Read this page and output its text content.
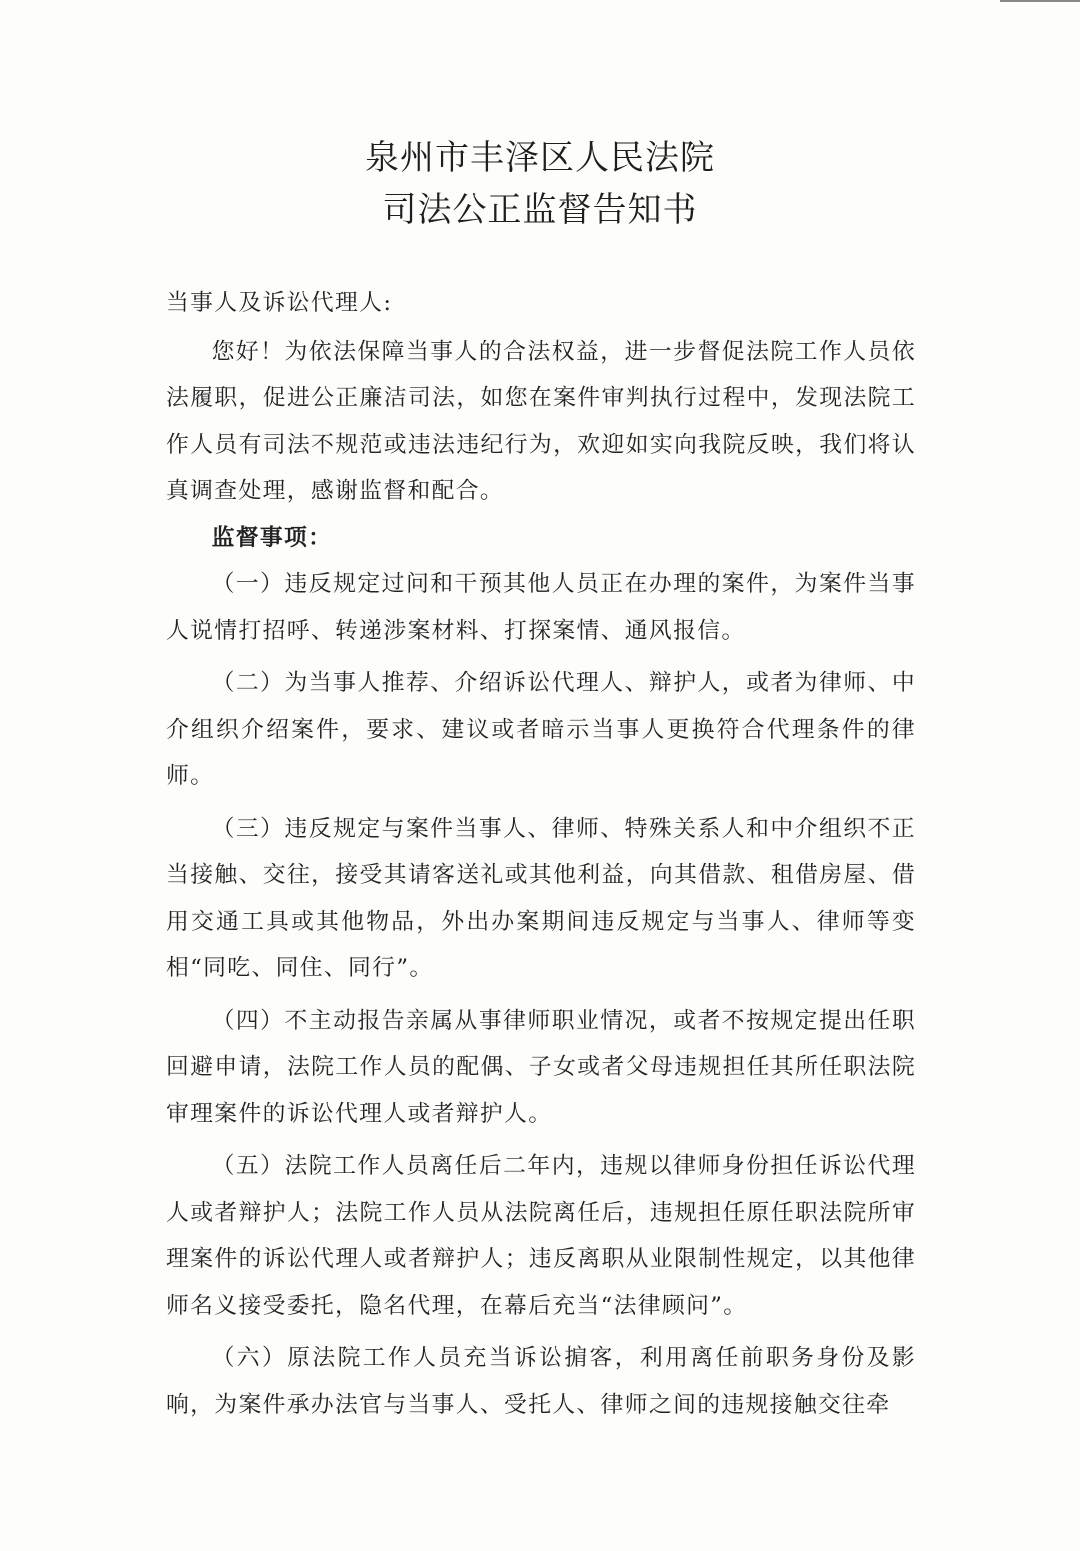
泉州市丰泽区人民法院
司法公正监督告知书

当事人及诉讼代理人:

您好！为依法保障当事人的合法权益，进一步督促法院工作人员依法履职，促进公正廉洁司法，如您在案件审判执行过程中，发现法院工作人员有司法不规范或违法违纪行为，欢迎如实向我院反映，我们将认真调查处理，感谢监督和配合。

监督事项：

（一）违反规定过问和干预其他人员正在办理的案件，为案件当事人说情打招呼、转递涉案材料、打探案情、通风报信。

（二）为当事人推荐、介绍诉讼代理人、辩护人，或者为律师、中介组织介绍案件，要求、建议或者暗示当事人更换符合代理条件的律师。

（三）违反规定与案件当事人、律师、特殊关系人和中介组织不正当接触、交往，接受其请客送礼或其他利益，向其借款、租借房屋、借用交通工具或其他物品，外出办案期间违反规定与当事人、律师等变相“同吃、同住、同行”。

（四）不主动报告亲属从事律师职业情况，或者不按规定提出任职回避申请，法院工作人员的配偶、子女或者父母违规担任其所任职法院审理案件的诉讼代理人或者辩护人。

（五）法院工作人员离任后二年内，违规以律师身份担任诉讼代理人或者辩护人；法院工作人员从法院离任后，违规担任原任职法院所审理案件的诉讼代理人或者辩护人；违反离职从业限制性规定，以其他律师名义接受委托，隐名代理，在幕后充当“法律顾问”。

（六）原法院工作人员充当诉讼掮客，利用离任前职务身份及影响，为案件承办法官与当事人、受托人、律师之间的违规接触交往牵
